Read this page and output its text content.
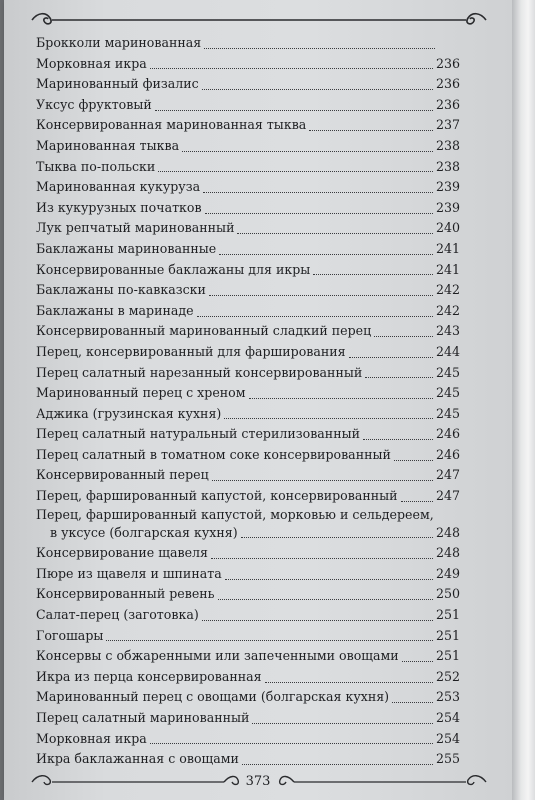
Брокколи маринованная
Морковная икра	236
Маринованный физалис	236
Уксус фруктовый	236
Консервированная маринованная тыква	237
Маринованная тыква	238
Тыква по-польски	238
Маринованная кукуруза	239
Из кукурузных початков	239
Лук репчатый маринованный	240
Баклажаны маринованные	241
Консервированные баклажаны для икры	241
Баклажаны по-кавказски	242
Баклажаны в маринаде	242
Консервированный маринованный сладкий перец	243
Перец, консервированный для фарширования	244
Перец салатный нарезанный консервированный	245
Маринованный перец с хреном	245
Аджика (грузинская кухня)	245
Перец салатный натуральный стерилизованный	246
Перец салатный в томатном соке консервированный	246
Консервированный перец	247
Перец, фаршированный капустой, консервированный	247
Перец, фаршированный капустой, морковью и сельдереем,
в уксусе (болгарская кухня)	248
Консервирование щавеля	248
Пюре из щавеля и шпината	249
Консервированный ревень	250
Салат-перец (заготовка)	251
Гогошары	251
Консервы с обжаренными или запеченными овощами	251
Икра из перца консервированная	252
Маринованный перец с овощами (болгарская кухня)	253
Перец салатный маринованный	254
Морковная икра	254
Икра баклажанная с овощами	255
373
